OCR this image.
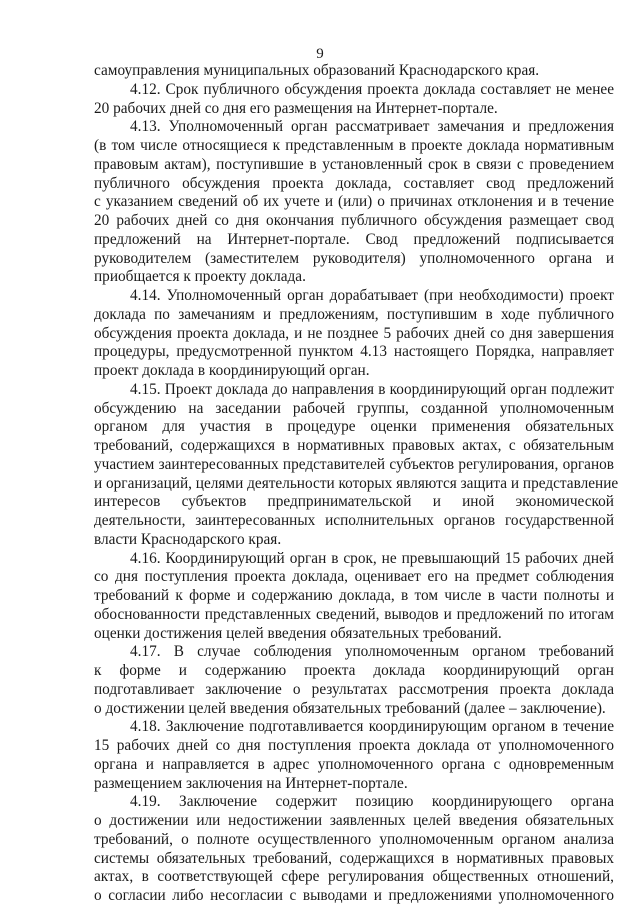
9
самоуправления муниципальных образований Краснодарского края.
4.12. Срок публичного обсуждения проекта доклада составляет не менее
20 рабочих дней со дня его размещения на Интернет-портале.
4.13. Уполномоченный орган рассматривает замечания и предложения
(в том числе относящиеся к представленным в проекте доклада нормативным
правовым актам), поступившие в установленный срок в связи с проведением
публичного обсуждения проекта доклада, составляет свод предложений
с указанием сведений об их учете и (или) о причинах отклонения и в течение
20 рабочих дней со дня окончания публичного обсуждения размещает свод
предложений на Интернет-портале. Свод предложений подписывается
руководителем (заместителем руководителя) уполномоченного органа и
приобщается к проекту доклада.
4.14. Уполномоченный орган дорабатывает (при необходимости) проект
доклада по замечаниям и предложениям, поступившим в ходе публичного
обсуждения проекта доклада, и не позднее 5 рабочих дней со дня завершения
процедуры, предусмотренной пунктом 4.13 настоящего Порядка, направляет
проект доклада в координирующий орган.
4.15. Проект доклада до направления в координирующий орган подлежит
обсуждению на заседании рабочей группы, созданной уполномоченным
органом для участия в процедуре оценки применения обязательных
требований, содержащихся в нормативных правовых актах, с обязательным
участием заинтересованных представителей субъектов регулирования, органов
и организаций, целями деятельности которых являются защита и представление
интересов субъектов предпринимательской и иной экономической
деятельности, заинтересованных исполнительных органов государственной
власти Краснодарского края.
4.16. Координирующий орган в срок, не превышающий 15 рабочих дней
со дня поступления проекта доклада, оценивает его на предмет соблюдения
требований к форме и содержанию доклада, в том числе в части полноты и
обоснованности представленных сведений, выводов и предложений по итогам
оценки достижения целей введения обязательных требований.
4.17. В случае соблюдения уполномоченным органом требований
к форме и содержанию проекта доклада координирующий орган
подготавливает заключение о результатах рассмотрения проекта доклада
о достижении целей введения обязательных требований (далее – заключение).
4.18. Заключение подготавливается координирующим органом в течение
15 рабочих дней со дня поступления проекта доклада от уполномоченного
органа и направляется в адрес уполномоченного органа с одновременным
размещением заключения на Интернет-портале.
4.19. Заключение содержит позицию координирующего органа
о достижении или недостижении заявленных целей введения обязательных
требований, о полноте осуществленного уполномоченным органом анализа
системы обязательных требований, содержащихся в нормативных правовых
актах, в соответствующей сфере регулирования общественных отношений,
о согласии либо несогласии с выводами и предложениями уполномоченного
